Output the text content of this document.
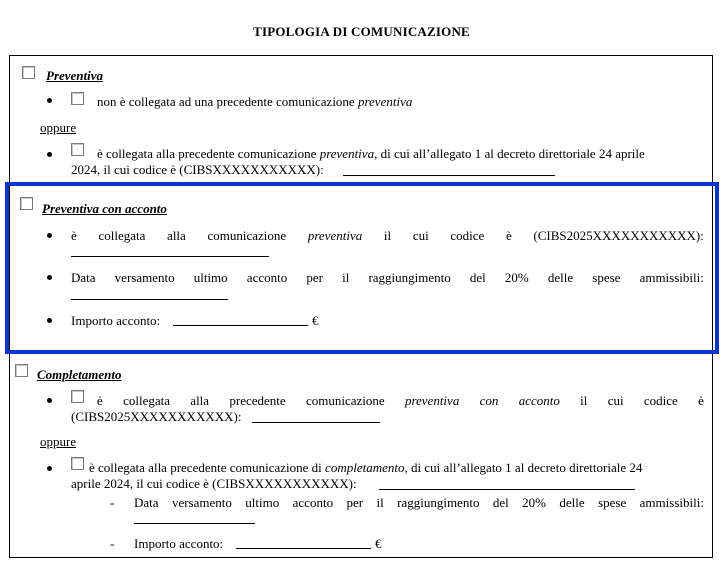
TIPOLOGIA DI COMUNICAZIONE
Preventiva
non è collegata ad una precedente comunicazione preventiva
oppure
è collegata alla precedente comunicazione preventiva, di cui all’allegato 1 al decreto direttoriale 24 aprile
2024, il cui codice è (CIBSXXXXXXXXXXX):
Preventiva con acconto
è collegata alla comunicazione preventiva il cui codice è (CIBS2025XXXXXXXXXXX):
Data versamento ultimo acconto per il raggiungimento del 20% delle spese ammissibili:
Importo acconto:	€
Completamento
è collegata alla precedente comunicazione preventiva con acconto il cui codice è
(CIBS2025XXXXXXXXXXX):
oppure
è collegata alla precedente comunicazione di completamento, di cui all’allegato 1 al decreto direttoriale 24
aprile 2024, il cui codice è (CIBSXXXXXXXXXXX):
- Data versamento ultimo acconto per il raggiungimento del 20% delle spese ammissibili:
- Importo acconto:	€
